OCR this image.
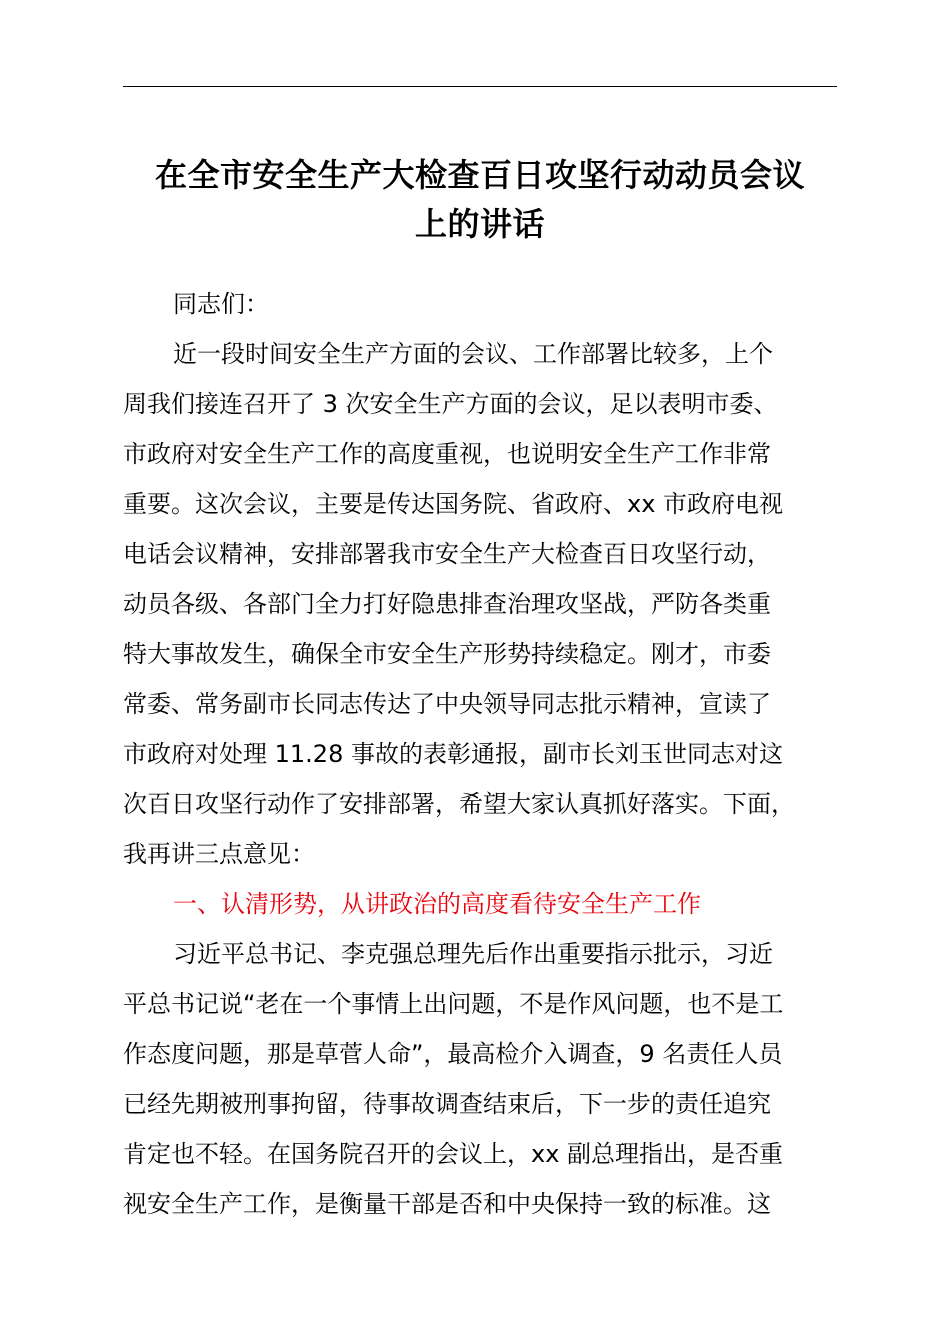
在全市安全生产大检查百日攻坚行动动员会议
上的讲话
同志们：
近一段时间安全生产方面的会议、工作部署比较多，上个
周我们接连召开了 3 次安全生产方面的会议，足以表明市委、
市政府对安全生产工作的高度重视，也说明安全生产工作非常
重要。这次会议，主要是传达国务院、省政府、xx 市政府电视
电话会议精神，安排部署我市安全生产大检查百日攻坚行动，
动员各级、各部门全力打好隐患排查治理攻坚战，严防各类重
特大事故发生，确保全市安全生产形势持续稳定。刚才，市委
常委、常务副市长同志传达了中央领导同志批示精神，宣读了
市政府对处理 11.28 事故的表彰通报，副市长刘玉世同志对这
次百日攻坚行动作了安排部署，希望大家认真抓好落实。下面，
我再讲三点意见：
一、认清形势，从讲政治的高度看待安全生产工作
习近平总书记、李克强总理先后作出重要指示批示，习近
平总书记说“老在一个事情上出问题，不是作风问题，也不是工
作态度问题，那是草菅人命”，最高检介入调查，9 名责任人员
已经先期被刑事拘留，待事故调查结束后，下一步的责任追究
肯定也不轻。在国务院召开的会议上，xx 副总理指出，是否重
视安全生产工作，是衡量干部是否和中央保持一致的标准。这
